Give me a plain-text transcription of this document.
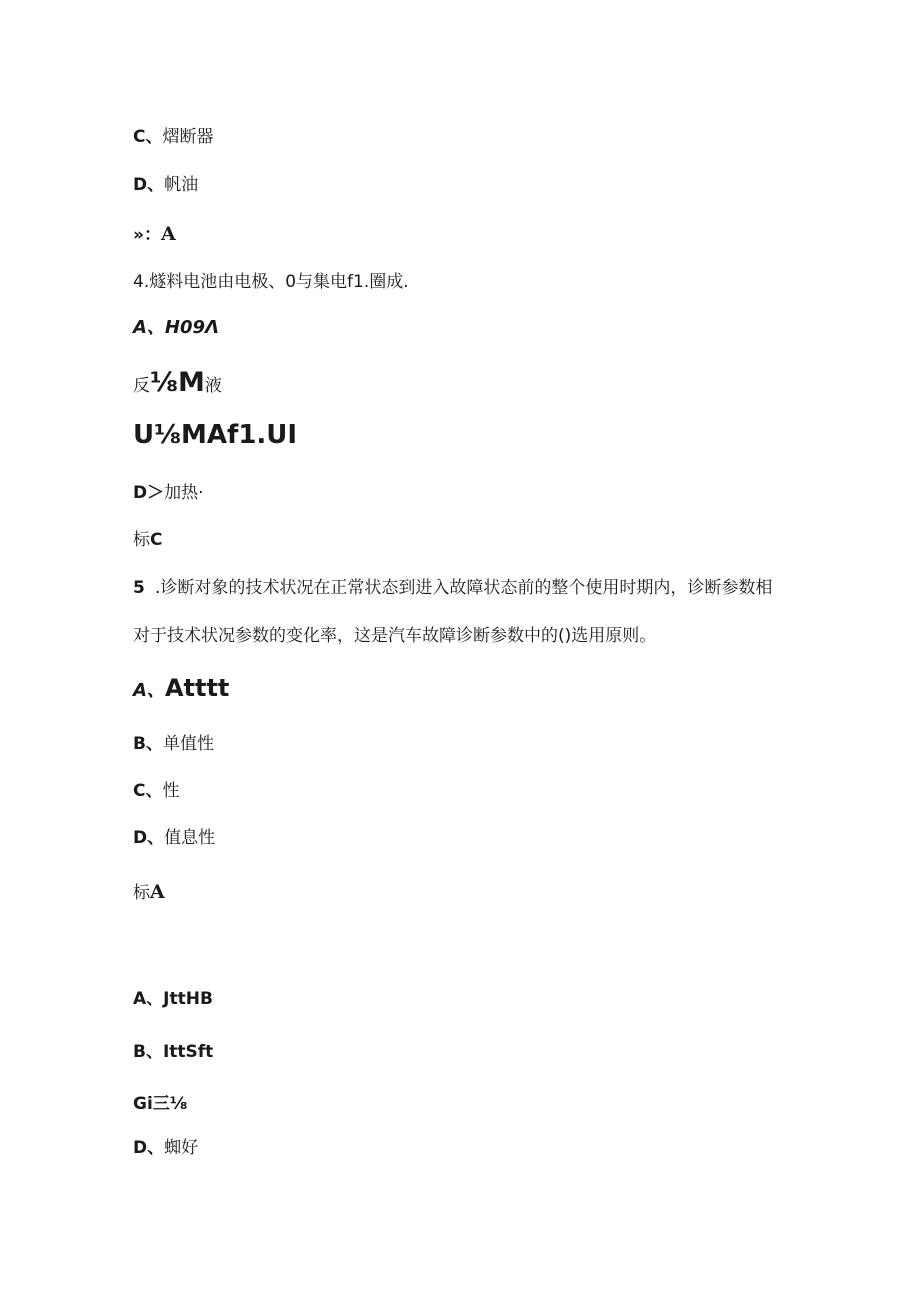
C、熠断器

D、帆油

»：A

4.燧料电池由电极、0与集电f1.圈成.

A、H09Λ

反⅛M液

U⅛MAf1.UI

D＞加热·

标C

5 .诊断对象的技术状况在正常状态到进入故障状态前的整个使用时期内，诊断参数相

对于技术状况参数的变化率，这是汽车故障诊断参数中的()选用原则。

A、Atttt

B、单值性

C、性

D、值息性

标A

A、JttHB

B、IttSft

Gi三⅛

D、蜘好
